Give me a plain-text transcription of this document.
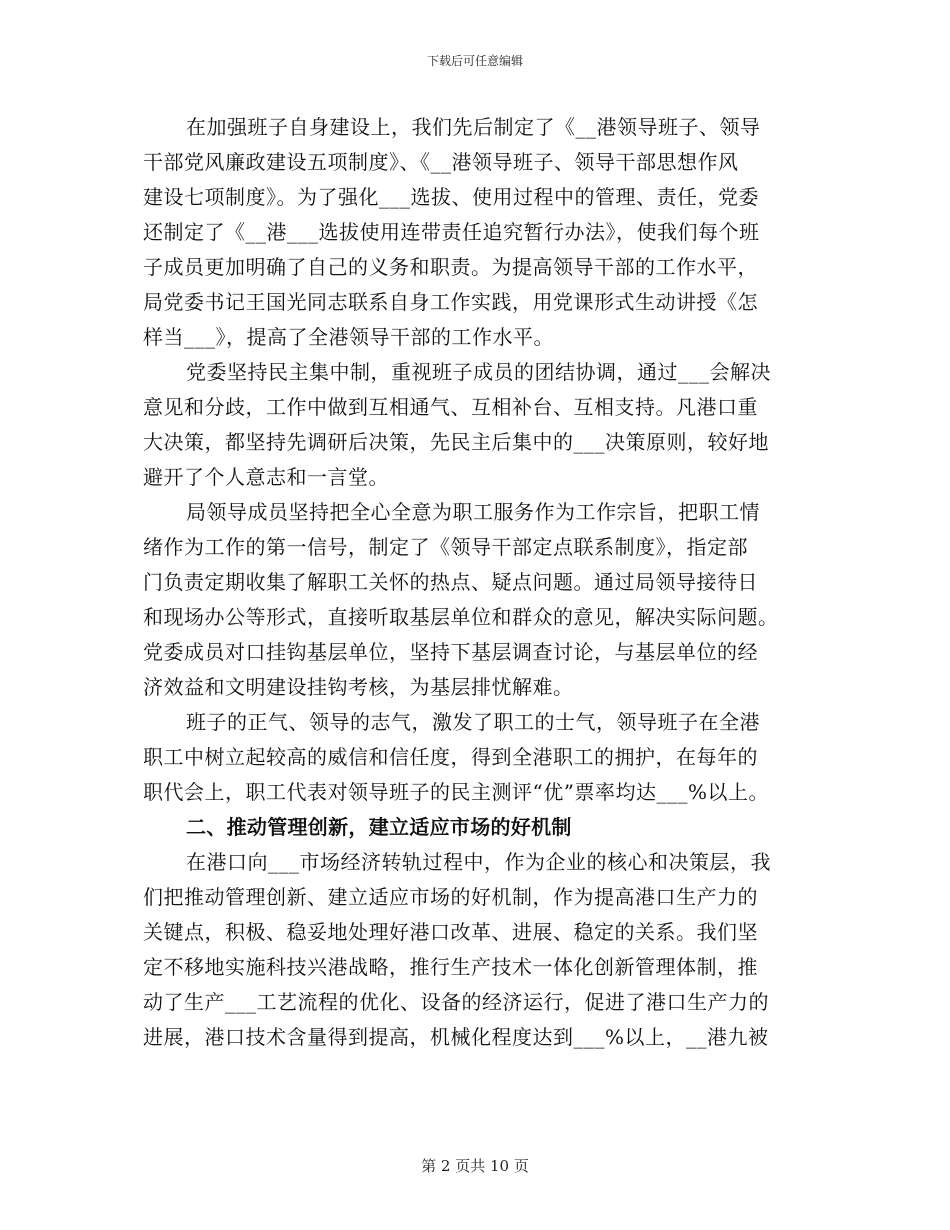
下载后可任意编辑
在加强班子自身建设上，我们先后制定了《__港领导班子、领导
干部党风廉政建设五项制度》、《__港领导班子、领导干部思想作风
建设七项制度》。为了强化___选拔、使用过程中的管理、责任，党委
还制定了《__港___选拔使用连带责任追究暂行办法》，使我们每个班
子成员更加明确了自己的义务和职责。为提高领导干部的工作水平，
局党委书记王国光同志联系自身工作实践，用党课形式生动讲授《怎
样当___》，提高了全港领导干部的工作水平。
党委坚持民主集中制，重视班子成员的团结协调，通过___会解决
意见和分歧，工作中做到互相通气、互相补台、互相支持。凡港口重
大决策，都坚持先调研后决策，先民主后集中的___决策原则，较好地
避开了个人意志和一言堂。
局领导成员坚持把全心全意为职工服务作为工作宗旨，把职工情
绪作为工作的第一信号，制定了《领导干部定点联系制度》，指定部
门负责定期收集了解职工关怀的热点、疑点问题。通过局领导接待日
和现场办公等形式，直接听取基层单位和群众的意见，解决实际问题。
党委成员对口挂钩基层单位，坚持下基层调查讨论，与基层单位的经
济效益和文明建设挂钩考核，为基层排忧解难。
班子的正气、领导的志气，激发了职工的士气，领导班子在全港
职工中树立起较高的威信和信任度，得到全港职工的拥护，在每年的
职代会上，职工代表对领导班子的民主测评“优”票率均达___%以上。
二、推动管理创新，建立适应市场的好机制
在港口向___市场经济转轨过程中，作为企业的核心和决策层，我
们把推动管理创新、建立适应市场的好机制，作为提高港口生产力的
关键点，积极、稳妥地处理好港口改革、进展、稳定的关系。我们坚
定不移地实施科技兴港战略，推行生产技术一体化创新管理体制，推
动了生产___工艺流程的优化、设备的经济运行，促进了港口生产力的
进展，港口技术含量得到提高，机械化程度达到___%以上，__港九被
第 2 页共 10 页
